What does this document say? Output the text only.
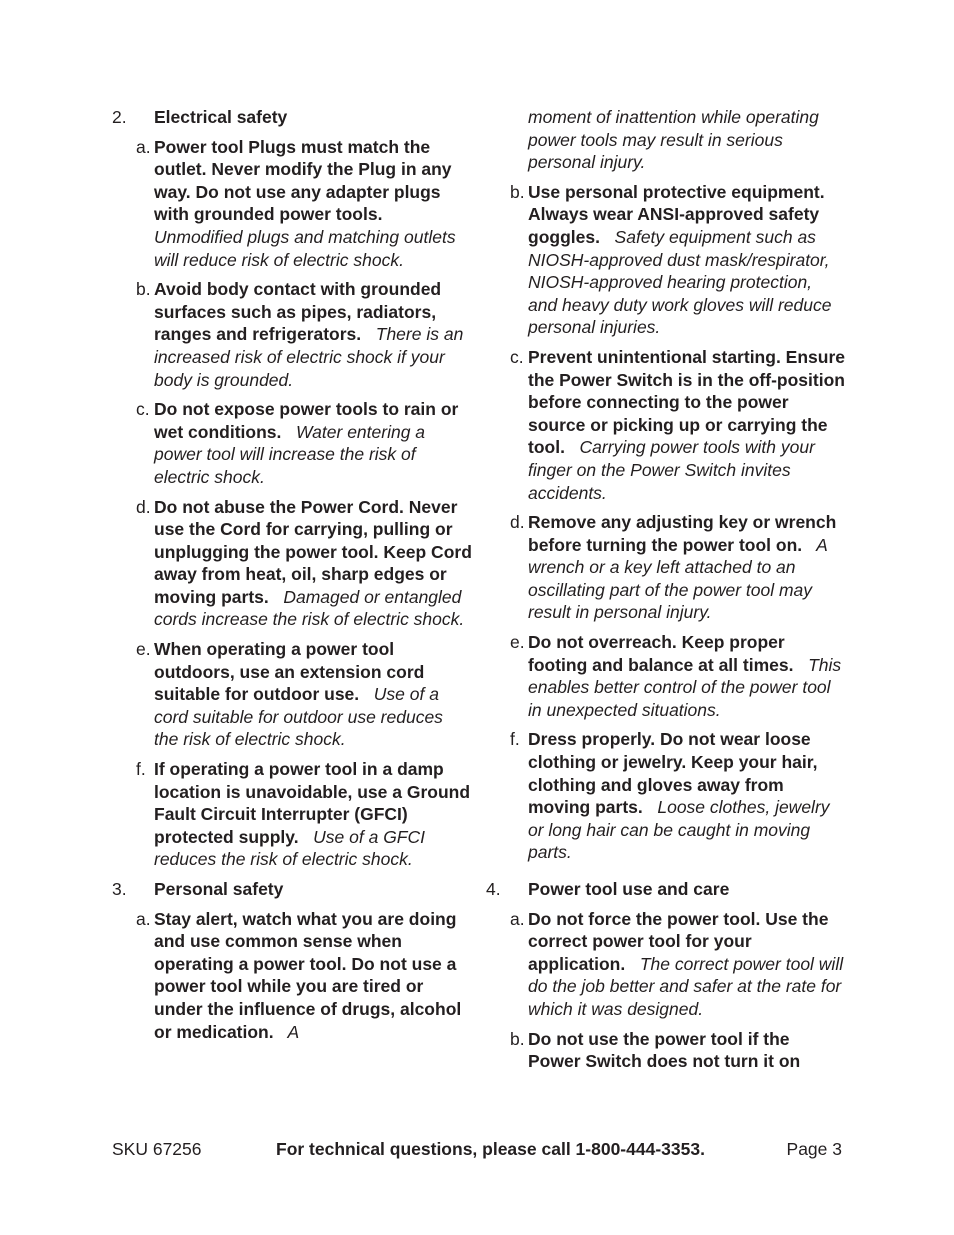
2. Electrical safety
a. Power tool Plugs must match the outlet. Never modify the Plug in any way. Do not use any adapter plugs with grounded power tools.   Unmodified plugs and matching outlets will reduce risk of electric shock.
b. Avoid body contact with grounded surfaces such as pipes, radiators, ranges and refrigerators.   There is an increased risk of electric shock if your body is grounded.
c. Do not expose power tools to rain or wet conditions.   Water entering a power tool will increase the risk of electric shock.
d. Do not abuse the Power Cord. Never use the Cord for carrying, pulling or unplugging the power tool. Keep Cord away from heat, oil, sharp edges or moving parts.   Damaged or entangled cords increase the risk of electric shock.
e. When operating a power tool outdoors, use an extension cord suitable for outdoor use.   Use of a cord suitable for outdoor use reduces the risk of electric shock.
f. If operating a power tool in a damp location is unavoidable, use a Ground Fault Circuit Interrupter (GFCI) protected supply.   Use of a GFCI reduces the risk of electric shock.
3. Personal safety
a. Stay alert, watch what you are doing and use common sense when operating a power tool. Do not use a power tool while you are tired or under the influence of drugs, alcohol or medication.   A
moment of inattention while operating power tools may result in serious personal injury.
b. Use personal protective equipment. Always wear ANSI-approved safety goggles.   Safety equipment such as NIOSH-approved dust mask/respirator, NIOSH-approved hearing protection, and heavy duty work gloves will reduce personal injuries.
c. Prevent unintentional starting. Ensure the Power Switch is in the off-position before connecting to the power source or picking up or carrying the tool.   Carrying power tools with your finger on the Power Switch invites accidents.
d. Remove any adjusting key or wrench before turning the power tool on.   A wrench or a key left attached to an oscillating part of the power tool may result in personal injury.
e. Do not overreach. Keep proper footing and balance at all times.   This enables better control of the power tool in unexpected situations.
f. Dress properly. Do not wear loose clothing or jewelry. Keep your hair, clothing and gloves away from moving parts.   Loose clothes, jewelry or long hair can be caught in moving parts.
4. Power tool use and care
a. Do not force the power tool. Use the correct power tool for your application.   The correct power tool will do the job better and safer at the rate for which it was designed.
b. Do not use the power tool if the Power Switch does not turn it on
SKU 67256	For technical questions, please call 1-800-444-3353.	Page 3
